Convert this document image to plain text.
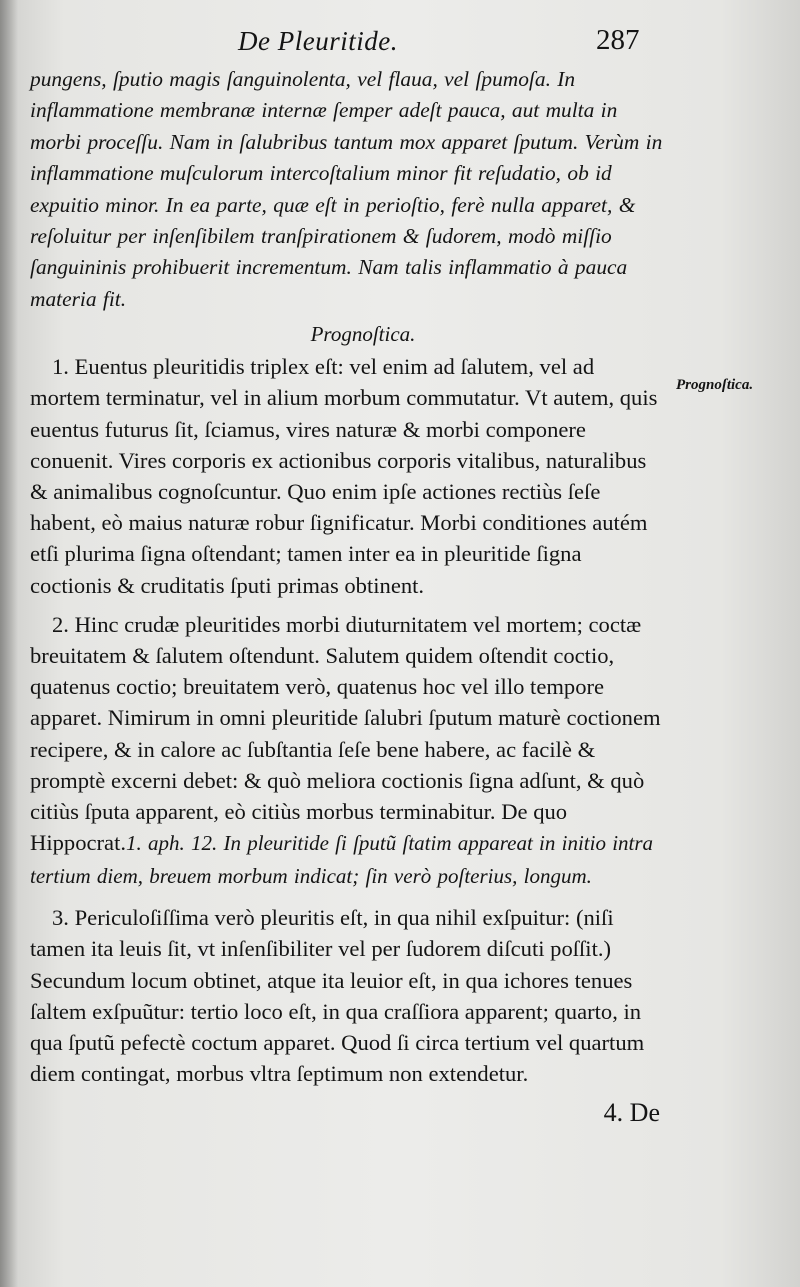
De Pleuritide.	287

pungens, ſputio magis ſanguinolenta, vel flaua, vel ſpumoſa. In inflammatione membranæ internæ ſemper adeſt pauca, aut multa in morbi proceſſu. Nam in ſalubribus tantum mox apparet ſputum. Verùm in inflammatione muſculorum intercoſtalium minor fit reſudatio, ob id expuitio minor. In ea parte, quæ eſt in perioſtio, ferè nulla apparet, & reſoluitur per inſenſibilem tranſpirationem & ſudorem, modò miſſio ſanguininis prohibuerit incrementum. Nam talis inflammatio à pauca materia fit.

Prognoſtica.

1. Euentus pleuritidis triplex eſt: vel enim ad ſalutem, vel ad mortem terminatur, vel in alium morbum commutatur. Vt autem, quis euentus futurus ſit, ſciamus, vires naturæ & morbi componere conuenit. Vires corporis ex actionibus corporis vitalibus, naturalibus & animalibus cognoſcuntur. Quo enim ipſe actiones rectiùs ſeſe habent, eò maius naturæ robur ſignificatur. Morbi conditiones autém etſi plurima ſigna oſtendant; tamen inter ea in pleuritide ſigna coctionis & cruditatis ſputi primas obtinent.

2. Hinc crudæ pleuritides morbi diuturnitatem vel mortem; coctæ breuitatem & ſalutem oſtendunt. Salutem quidem oſtendit coctio, quatenus coctio; breuitatem verò, quatenus hoc vel illo tempore apparet. Nimirum in omni pleuritide ſalubri ſputum maturè coctionem recipere, & in calore ac ſubſtantia ſeſe bene habere, ac facilè & promptè excerni debet: & quò meliora coctionis ſigna adſunt, & quò citiùs ſputa apparent, eò citiùs morbus terminabitur. De quo Hippocrat.1. aph. 12. In pleuritide ſi ſputũ ſtatim appareat in initio intra tertium diem, breuem morbum indicat; ſin verò poſterius, longum.

3. Periculoſiſſima verò pleuritis eſt, in qua nihil exſpuitur: (niſi tamen ita leuis ſit, vt inſenſibiliter vel per ſudorem diſcuti poſſit.) Secundum locum obtinet, atque ita leuior eſt, in qua ichores tenues ſaltem exſpuũtur: tertio loco eſt, in qua craſſiora apparent; quarto, in qua ſputũ pefectè coctum apparet. Quod ſi circa tertium vel quartum diem contingat, morbus vltra ſeptimum non extendetur.

4. De

Prognoſtica.
